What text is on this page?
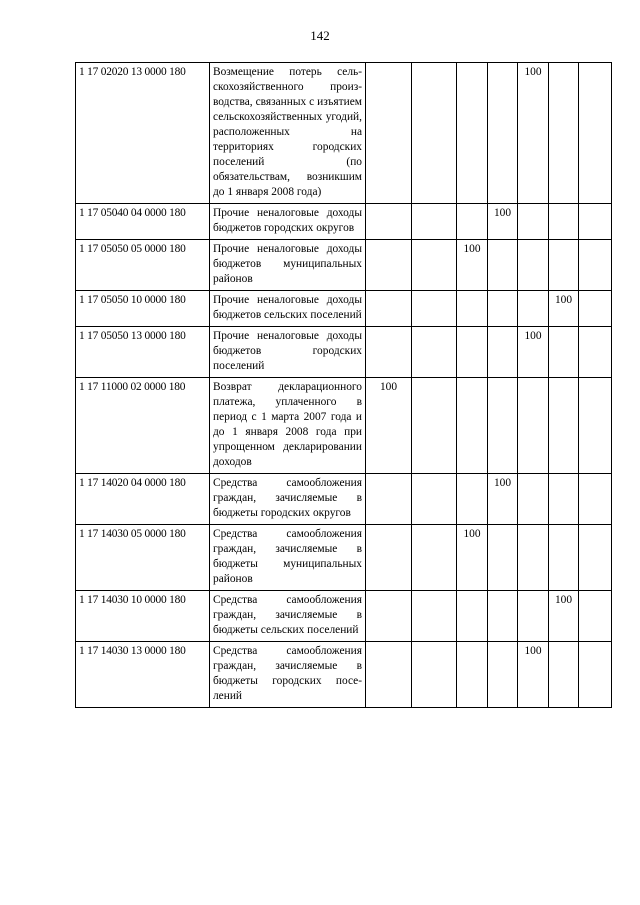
142
1 17 02020 13 0000 180	Возмещение потерь сельскохозяйственного производства, связанных с изъятием сельскохозяйственных угодий, расположенных на территориях городских поселений (по обязательствам, возникшим до 1 января 2008 года)					100		
1 17 05040 04 0000 180	Прочие неналоговые доходы бюджетов городских округов				100			
1 17 05050 05 0000 180	Прочие неналоговые доходы бюджетов муниципальных районов			100				
1 17 05050 10 0000 180	Прочие неналоговые доходы бюджетов сельских поселений						100	
1 17 05050 13 0000 180	Прочие неналоговые доходы бюджетов городских поселений					100		
1 17 11000 02 0000 180	Возврат декларационного платежа, уплаченного в период с 1 марта 2007 года и до 1 января 2008 года при упрощенном декларировании доходов	100						
1 17 14020 04 0000 180	Средства самообложения граждан, зачисляемые в бюджеты городских округов				100			
1 17 14030 05 0000 180	Средства самообложения граждан, зачисляемые в бюджеты муниципальных районов			100				
1 17 14030 10 0000 180	Средства самообложения граждан, зачисляемые в бюджеты сельских поселений						100	
1 17 14030 13 0000 180	Средства самообложения граждан, зачисляемые в бюджеты городских поселений					100		
